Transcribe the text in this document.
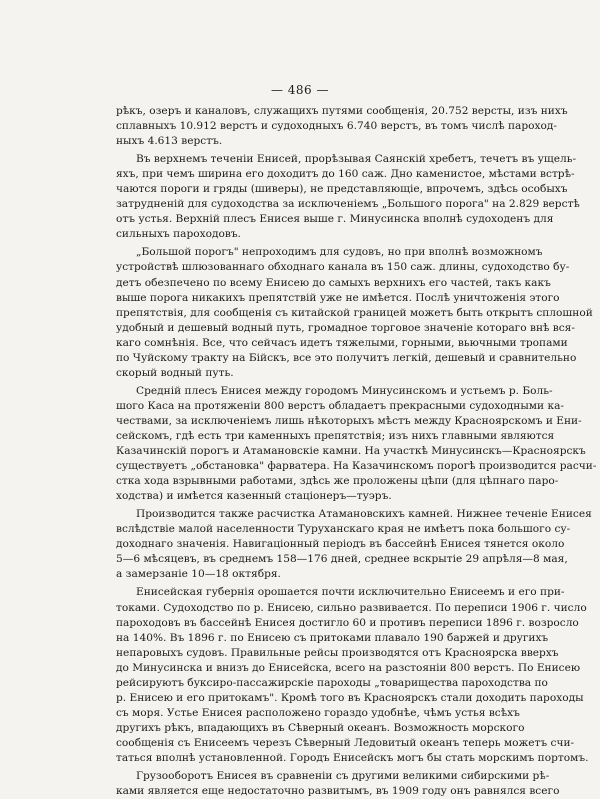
— 486 —
рѣкъ, озеръ и каналовъ, служащихъ путями сообщенія, 20.752 версты, изъ нихъ
сплавныхъ 10.912 верстъ и судоходныхъ 6.740 верстъ, въ томъ числѣ пароход-
ныхъ 4.613 верстъ.
Въ верхнемъ теченіи Енисей, прорѣзывая Саянскій хребетъ, течетъ въ ущель-
яхъ, при чемъ ширина его доходитъ до 160 саж. Дно каменистое, мѣстами встрѣ-
чаются пороги и гряды (шиверы), не представляющіе, впрочемъ, здѣсь особыхъ
затрудненій для судоходства за исключеніемъ „Большого порога" на 2.829 верстѣ
отъ устья. Верхній плесъ Енисея выше г. Минусинска вполнѣ судоходенъ для
сильныхъ пароходовъ.
„Большой порогъ" непроходимъ для судовъ, но при вполнѣ возможномъ
устройствѣ шлюзованнаго обходнаго канала въ 150 саж. длины, судоходство бу-
детъ обезпечено по всему Енисею до самыхъ верхнихъ его частей, такъ какъ
выше порога никакихъ препятствій уже не имѣется. Послѣ уничтоженія этого
препятствія, для сообщенія съ китайской границей можетъ быть открытъ сплошной
удобный и дешевый водный путь, громадное торговое значеніе котораго внѣ вся-
каго сомнѣнія. Все, что сейчасъ идетъ тяжелыми, горными, вьючными тропами
по Чуйскому тракту на Бійскъ, все это получитъ легкій, дешевый и сравнительно
скорый водный путь.
Средній плесъ Енисея между городомъ Минусинскомъ и устьемъ р. Боль-
шого Каса на протяженіи 800 верстъ обладаетъ прекрасными судоходными ка-
чествами, за исключеніемъ лишь нѣкоторыхъ мѣстъ между Красноярскомъ и Ени-
сейскомъ, гдѣ есть три каменныхъ препятствія; изъ нихъ главными являются
Казачинскій порогъ и Атамановскіе камни. На участкѣ Минусинскъ—Красноярскъ
существуетъ „обстановка" фарватера. На Казачинскомъ порогѣ производится расчи-
стка хода взрывными работами, здѣсь же проложены цѣпи (для цѣпнаго паро-
ходства) и имѣется казенный стаціонеръ—туэръ.
Производится также расчистка Атамановскихъ камней. Нижнее теченіе Енисея
вслѣдствіе малой населенности Туруханскаго края не имѣетъ пока большого су-
доходнаго значенія. Навигаціонный періодъ въ бассейнѣ Енисея тянется около
5—6 мѣсяцевъ, въ среднемъ 158—176 дней, среднее вскрытіе 29 апрѣля—8 мая,
а замерзаніе 10—18 октября.
Енисейская губернія орошается почти исключительно Енисеемъ и его при-
токами. Судоходство по р. Енисею, сильно развивается. По переписи 1906 г. число
пароходовъ въ бассейнѣ Енисея достигло 60 и противъ переписи 1896 г. возросло
на 140%. Въ 1896 г. по Енисею съ притоками плавало 190 баржей и другихъ
непаровыхъ судовъ. Правильные рейсы производятся отъ Красноярска вверхъ
до Минусинска и внизъ до Енисейска, всего на разстояніи 800 верстъ. По Енисею
рейсируютъ буксиро-пассажирскіе пароходы „товарищества пароходства по
р. Енисею и его притокамъ". Кромѣ того въ Красноярскъ стали доходить пароходы
съ моря. Устье Енисея расположено гораздо удобнѣе, чѣмъ устья всѣхъ
другихъ рѣкъ, впадающихъ въ Сѣверный океанъ. Возможность морского
сообщенія съ Енисеемъ черезъ Сѣверный Ледовитый океанъ теперь можетъ счи-
таться вполнѣ установленной. Городъ Енисейскъ могъ бы стать морскимъ портомъ.
Грузооборотъ Енисея въ сравненіи съ другими великими сибирскими рѣ-
ками является еще недостаточно развитымъ, въ 1909 году онъ равнялся всего
